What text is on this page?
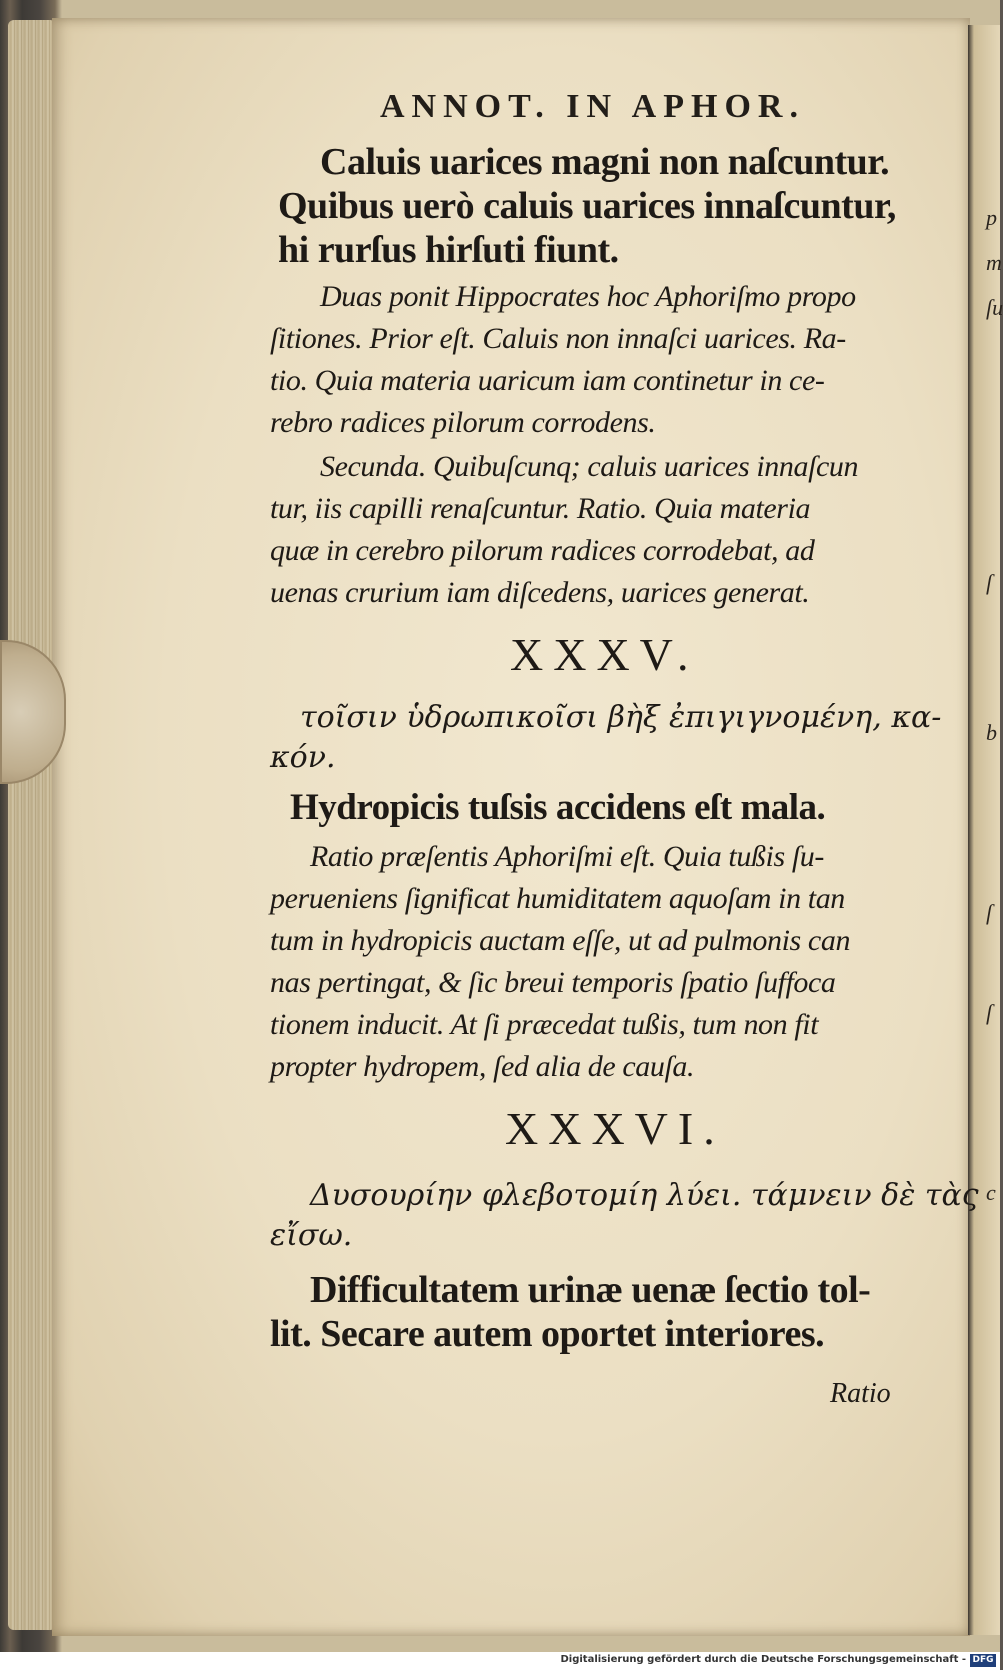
p
m
ſu
ſ
b
ſ
ſ
c
ANNOT. IN APHOR.
Caluis uarices magni non naſcuntur.
Quibus uerò caluis uarices innaſcuntur,
hi rurſus hirſuti fiunt.
Duas ponit Hippocrates hoc Aphoriſmo propo
ſitiones. Prior eſt. Caluis non innaſci uarices. Ra-
tio. Quia materia uaricum iam continetur in ce-
rebro radices pilorum corrodens.
Secunda. Quibuſcunq; caluis uarices innaſcun
tur, iis capilli renaſcuntur. Ratio. Quia materia
quæ in cerebro pilorum radices corrodebat, ad
uenas crurium iam diſcedens, uarices generat.
XXXV.
τοῖσιν ὑδρωπικοῖσι βὴξ ἐπιγιγνομένη, κα-
κόν.
Hydropicis tuſsis accidens eſt mala.
Ratio præſentis Aphoriſmi eſt. Quia tußis ſu-
perueniens ſignificat humiditatem aquoſam in tan
tum in hydropicis auctam eſſe, ut ad pulmonis can
nas pertingat, & ſic breui temporis ſpatio ſuffoca
tionem inducit. At ſi præcedat tußis, tum non fit
propter hydropem, ſed alia de cauſa.
XXXVI.
Δυσουρίην φλεβοτομίη λύει. τάμνειν δὲ τὰς
εἴσω.
Difficultatem urinæ uenæ ſectio tol-
lit. Secare autem oportet interiores.
Ratio
Digitalisierung gefördert durch die Deutsche Forschungsgemeinschaft - DFG
